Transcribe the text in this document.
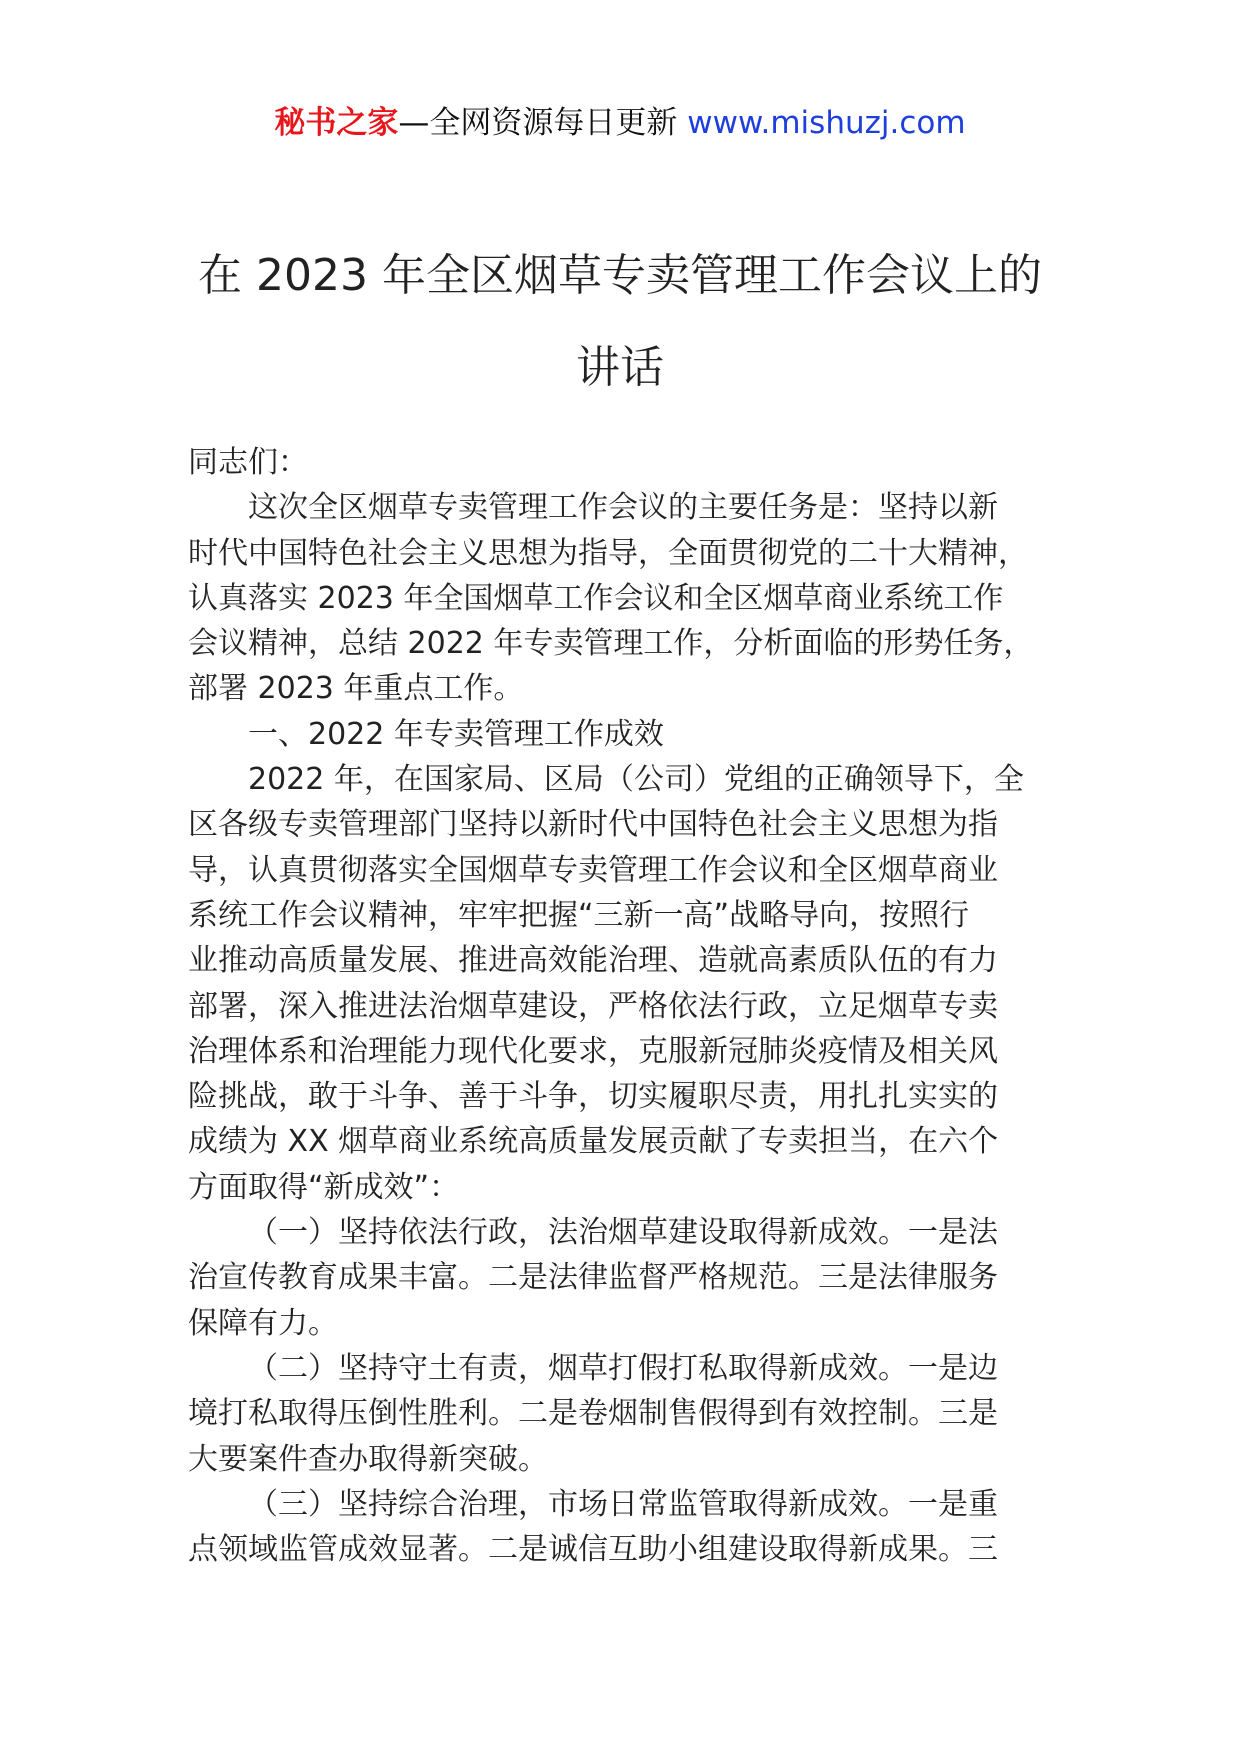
秘书之家—全网资源每日更新 www.mishuzj.com
在 2023 年全区烟草专卖管理工作会议上的
讲话
同志们：
这次全区烟草专卖管理工作会议的主要任务是：坚持以新
时代中国特色社会主义思想为指导，全面贯彻党的二十大精神，
认真落实 2023 年全国烟草工作会议和全区烟草商业系统工作
会议精神，总结 2022 年专卖管理工作，分析面临的形势任务，
部署 2023 年重点工作。
一、2022 年专卖管理工作成效
2022 年，在国家局、区局（公司）党组的正确领导下，全
区各级专卖管理部门坚持以新时代中国特色社会主义思想为指
导，认真贯彻落实全国烟草专卖管理工作会议和全区烟草商业
系统工作会议精神，牢牢把握“三新一高”战略导向，按照行
业推动高质量发展、推进高效能治理、造就高素质队伍的有力
部署，深入推进法治烟草建设，严格依法行政，立足烟草专卖
治理体系和治理能力现代化要求，克服新冠肺炎疫情及相关风
险挑战，敢于斗争、善于斗争，切实履职尽责，用扎扎实实的
成绩为 XX 烟草商业系统高质量发展贡献了专卖担当，在六个
方面取得“新成效”：
（一）坚持依法行政，法治烟草建设取得新成效。一是法
治宣传教育成果丰富。二是法律监督严格规范。三是法律服务
保障有力。
（二）坚持守土有责，烟草打假打私取得新成效。一是边
境打私取得压倒性胜利。二是卷烟制售假得到有效控制。三是
大要案件查办取得新突破。
（三）坚持综合治理，市场日常监管取得新成效。一是重
点领域监管成效显著。二是诚信互助小组建设取得新成果。三
